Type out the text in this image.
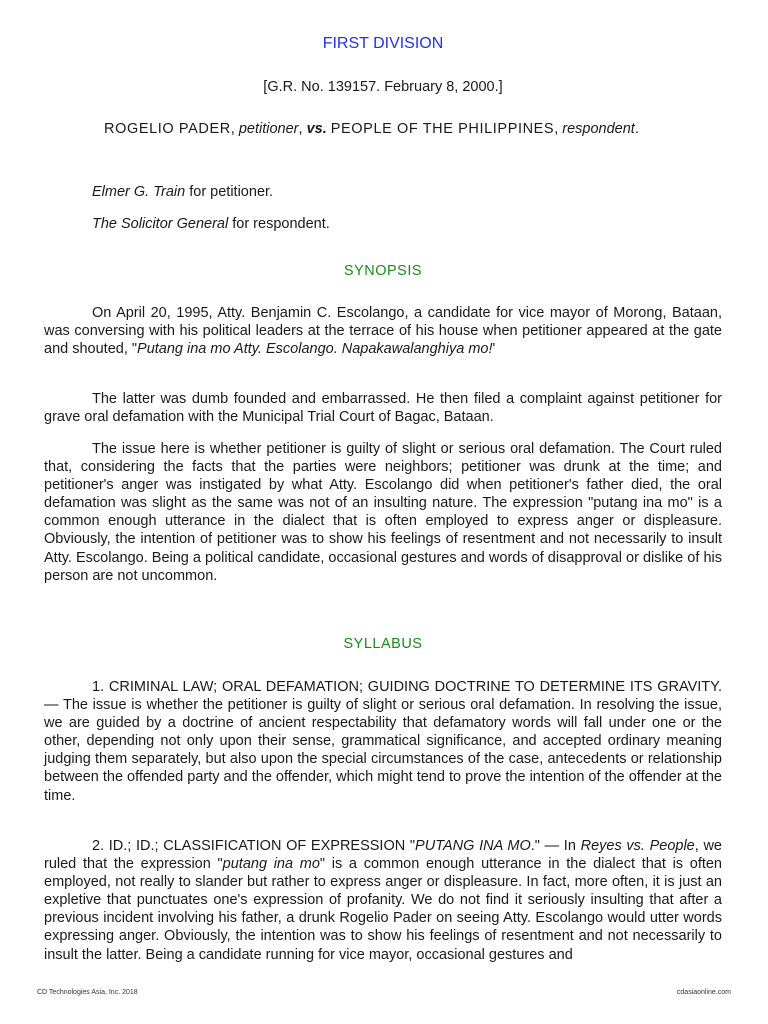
FIRST DIVISION
[G.R. No. 139157. February 8, 2000.]
ROGELIO PADER, petitioner, vs. PEOPLE OF THE PHILIPPINES, respondent.
Elmer G. Train for petitioner.
The Solicitor General for respondent.
SYNOPSIS

On April 20, 1995, Atty. Benjamin C. Escolango, a candidate for vice mayor of Morong, Bataan, was conversing with his political leaders at the terrace of his house when petitioner appeared at the gate and shouted, "Putang ina mo Atty. Escolango. Napakawalanghiya mo!'

The latter was dumb founded and embarrassed. He then filed a complaint against petitioner for grave oral defamation with the Municipal Trial Court of Bagac, Bataan.

The issue here is whether petitioner is guilty of slight or serious oral defamation. The Court ruled that, considering the facts that the parties were neighbors; petitioner was drunk at the time; and petitioner's anger was instigated by what Atty. Escolango did when petitioner's father died, the oral defamation was slight as the same was not of an insulting nature. The expression "putang ina mo" is a common enough utterance in the dialect that is often employed to express anger or displeasure. Obviously, the intention of petitioner was to show his feelings of resentment and not necessarily to insult Atty. Escolango. Being a political candidate, occasional gestures and words of disapproval or dislike of his person are not uncommon.

SYLLABUS

1. CRIMINAL LAW; ORAL DEFAMATION; GUIDING DOCTRINE TO DETERMINE ITS GRAVITY. — The issue is whether the petitioner is guilty of slight or serious oral defamation. In resolving the issue, we are guided by a doctrine of ancient respectability that defamatory words will fall under one or the other, depending not only upon their sense, grammatical significance, and accepted ordinary meaning judging them separately, but also upon the special circumstances of the case, antecedents or relationship between the offended party and the offender, which might tend to prove the intention of the offender at the time.

2. ID.; ID.; CLASSIFICATION OF EXPRESSION "PUTANG INA MO." — In Reyes vs. People, we ruled that the expression "putang ina mo" is a common enough utterance in the dialect that is often employed, not really to slander but rather to express anger or displeasure. In fact, more often, it is just an expletive that punctuates one's expression of profanity. We do not find it seriously insulting that after a previous incident involving his father, a drunk Rogelio Pader on seeing Atty. Escolango would utter words expressing anger. Obviously, the intention was to show his feelings of resentment and not necessarily to insult the latter. Being a candidate running for vice mayor, occasional gestures and

CD Technologies Asia, Inc. 2018	cdasiaonline.com
